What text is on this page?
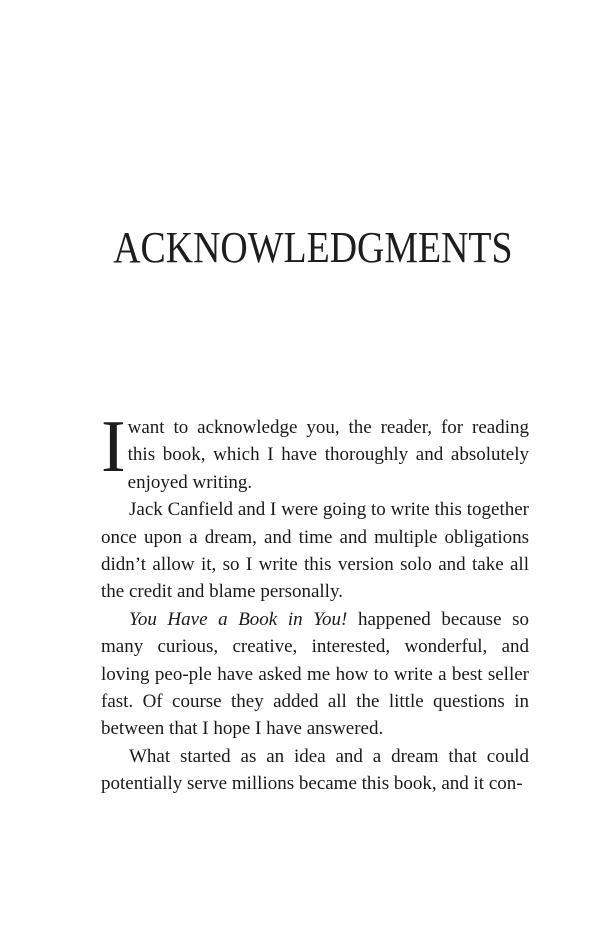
ACKNOWLEDGMENTS

Iwant to acknowledge you, the reader, for reading this book, which I have thoroughly and absolutely enjoyed writing.

Jack Canfield and I were going to write this together once upon a dream, and time and multiple obligations didn’t allow it, so I write this version solo and take all the credit and blame personally.

You Have a Book in You! happened because so many curious, creative, interested, wonderful, and loving peo-ple have asked me how to write a best seller fast. Of course they added all the little questions in between that I hope I have answered.

What started as an idea and a dream that could potentially serve millions became this book, and it con-
